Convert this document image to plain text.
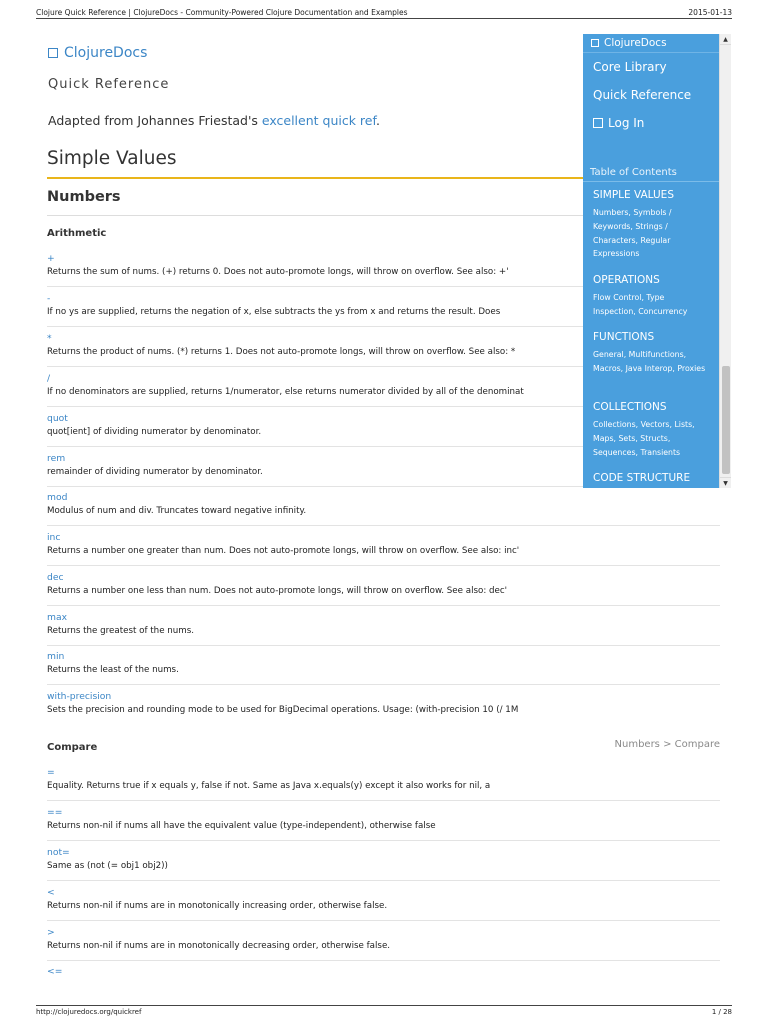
Clojure Quick Reference | ClojureDocs - Community-Powered Clojure Documentation and Examples	2015-01-13
ClojureDocs
Quick Reference

Adapted from Johannes Friestad's excellent quick ref.

Simple Values
Numbers
Arithmetic
+
Returns the sum of nums. (+) returns 0. Does not auto-promote longs, will throw on overflow. See also: +'
-
If no ys are supplied, returns the negation of x, else subtracts the ys from x and returns the result. Does
*
Returns the product of nums. (*) returns 1. Does not auto-promote longs, will throw on overflow. See also: *
/
If no denominators are supplied, returns 1/numerator, else returns numerator divided by all of the denominat
quot
quot[ient] of dividing numerator by denominator.
rem
remainder of dividing numerator by denominator.
mod
Modulus of num and div. Truncates toward negative infinity.
inc
Returns a number one greater than num. Does not auto-promote longs, will throw on overflow. See also: inc'
dec
Returns a number one less than num. Does not auto-promote longs, will throw on overflow. See also: dec'
max
Returns the greatest of the nums.
min
Returns the least of the nums.
with-precision
Sets the precision and rounding mode to be used for BigDecimal operations. Usage: (with-precision 10 (/ 1M
Compare	Numbers > Compare
=
Equality. Returns true if x equals y, false if not. Same as Java x.equals(y) except it also works for nil, a
==
Returns non-nil if nums all have the equivalent value (type-independent), otherwise false
not=
Same as (not (= obj1 obj2))
<
Returns non-nil if nums are in monotonically increasing order, otherwise false.
>
Returns non-nil if nums are in monotonically decreasing order, otherwise false.
<=
ClojureDocs
Core Library
Quick Reference
Log In
Table of Contents
SIMPLE VALUES
Numbers, Symbols / Keywords, Strings / Characters, Regular Expressions
OPERATIONS
Flow Control, Type Inspection, Concurrency
FUNCTIONS
General, Multifunctions, Macros, Java Interop, Proxies
COLLECTIONS
Collections, Vectors, Lists, Maps, Sets, Structs, Sequences, Transients
CODE STRUCTURE
▲
▼
http://clojuredocs.org/quickref	1 / 28
